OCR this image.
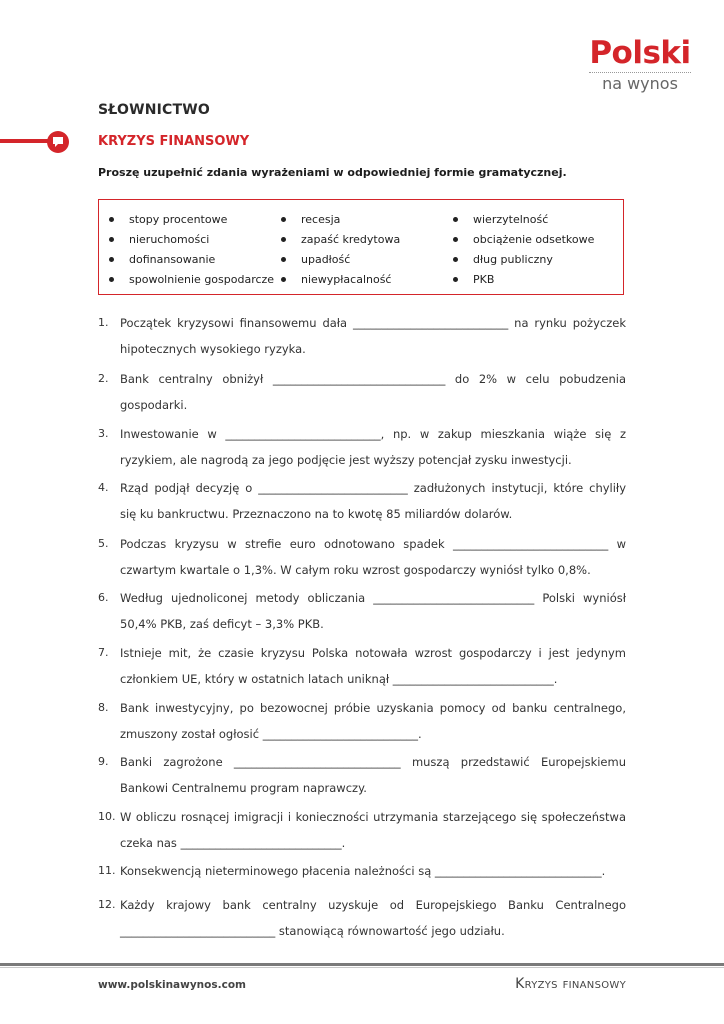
Polski
na wynos
SŁOWNICTWO
KRYZYS FINANSOWY
Proszę uzupełnić zdania wyrażeniami w odpowiedniej formie gramatycznej.
stopy procentowe
nieruchomości
dofinansowanie
spowolnienie gospodarcze
recesja
zapaść kredytowa
upadłość
niewypłacalność
wierzytelność
obciążenie odsetkowe
dług publiczny
PKB
1. Początek kryzysowi finansowemu dała ___________________________ na rynku pożyczek hipotecznych wysokiego ryzyka.
2. Bank centralny obniżył ______________________________ do 2% w celu pobudzenia gospodarki.
3. Inwestowanie w ___________________________, np. w zakup mieszkania wiąże się z ryzykiem, ale nagrodą za jego podjęcie jest wyższy potencjał zysku inwestycji.
4. Rząd podjął decyzję o __________________________ zadłużonych instytucji, które chyliły się ku bankructwu. Przeznaczono na to kwotę 85 miliardów dolarów.
5. Podczas kryzysu w strefie euro odnotowano spadek ___________________________ w czwartym kwartale o 1,3%. W całym roku wzrost gospodarczy wyniósł tylko 0,8%.
6. Według ujednoliconej metody obliczania ____________________________ Polski wyniósł 50,4% PKB, zaś deficyt – 3,3% PKB.
7. Istnieje mit, że czasie kryzysu Polska notowała wzrost gospodarczy i jest jedynym członkiem UE, który w ostatnich latach uniknął ____________________________.
8. Bank inwestycyjny, po bezowocnej próbie uzyskania pomocy od banku centralnego, zmuszony został ogłosić ___________________________.
9. Banki zagrożone _____________________________ muszą przedstawić Europejskiemu Bankowi Centralnemu program naprawczy.
10. W obliczu rosnącej imigracji i konieczności utrzymania starzejącego się społeczeństwa czeka nas ____________________________.
11. Konsekwencją nieterminowego płacenia należności są _____________________________.
12. Każdy krajowy bank centralny uzyskuje od Europejskiego Banku Centralnego ___________________________ stanowiącą równowartość jego udziału.
www.polskinawynos.com	Kryzys finansowy
